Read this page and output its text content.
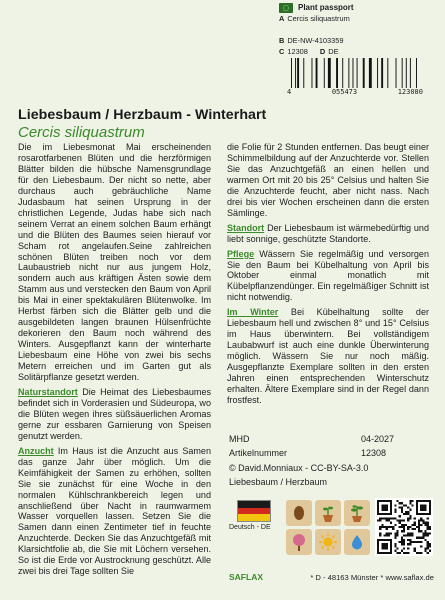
Plant passport
A Cercis siliquastrum
B DE-NW-4103359
C 12308 D DE
4	055473	123080
Liebesbaum / Herzbaum - Winterhart
Cercis siliquastrum

Die im Liebesmonat Mai erscheinenden rosarotfarbenen Blüten und die herzförmigen Blätter bilden die hübsche Namensgrundlage für den Liebesbaum. Der nicht so nette, aber durchaus auch gebräuchliche Name Judasbaum hat seinen Ursprung in der christlichen Legende, Judas habe sich nach seinem Verrat an einem solchen Baum erhängt und die Blüten des Baumes seien hierauf vor Scham rot angelaufen.Seine zahlreichen schönen Blüten treiben noch vor dem Laubaustrieb nicht nur aus jungem Holz, sondern auch aus kräftigen Ästen sowie dem Stamm aus und verstecken den Baum von April bis Mai in einer spektakulären Blütenwolke. Im Herbst färben sich die Blätter gelb und die ausgebildeten langen braunen Hülsenfrüchte dekorieren den Baum noch während des Winters. Ausgepflanzt kann der winterharte Liebesbaum eine Höhe von zwei bis sechs Metern erreichen und im Garten gut als Solitärpflanze gesetzt werden.

Naturstandort Die Heimat des Liebesbaumes befindet sich in Vorderasien und Südeuropa, wo die Blüten wegen ihres süßsäuerlichen Aromas gerne zur essbaren Garnierung von Speisen genutzt werden.

Anzucht Im Haus ist die Anzucht aus Samen das ganze Jahr über möglich. Um die Keimfähigkeit der Samen zu erhöhen, sollten Sie sie zunächst für eine Woche in den normalen Kühlschrankbereich legen und anschließend über Nacht in raumwarmem Wasser vorquellen lassen. Setzen Sie die Samen dann einen Zentimeter tief in feuchte Anzuchterde. Decken Sie das Anzuchtgefäß mit Klarsichtfolie ab, die Sie mit Löchern versehen. So ist die Erde vor Austrocknung geschützt. Alle zwei bis drei Tage sollten Sie

die Folie für 2 Stunden entfernen. Das beugt einer Schimmelbildung auf der Anzuchterde vor. Stellen Sie das Anzuchtgefäß an einen hellen und warmen Ort mit 20 bis 25° Celsius und halten Sie die Anzuchterde feucht, aber nicht nass. Nach drei bis vier Wochen erscheinen dann die ersten Sämlinge.

Standort Der Liebesbaum ist wärmebedürftig und liebt sonnige, geschützte Standorte.

Pflege Wässern Sie regelmäßig und versorgen Sie den Baum bei Kübelhaltung von April bis Oktober einmal monatlich mit Kübelpflanzendünger. Ein regelmäßiger Schnitt ist nicht notwendig.

Im Winter Bei Kübelhaltung sollte der Liebesbaum hell und zwischen 8° und 15° Celsius im Haus überwintern. Bei vollständigem Laubabwurf ist auch eine dunkle Überwinterung möglich. Wässern Sie nur noch mäßig. Ausgepflanzte Exemplare sollten in den ersten Jahren einen entsprechenden Winterschutz erhalten. Ältere Exemplare sind in der Regel dann frostfest.

MHD	04-2027
Artikelnummer	12308
© David.Monniaux - CC-BY-SA-3.0
Liebesbaum / Herzbaum
Deutsch - DE
SAFLAX	* D - 48163 Münster * www.saflax.de
